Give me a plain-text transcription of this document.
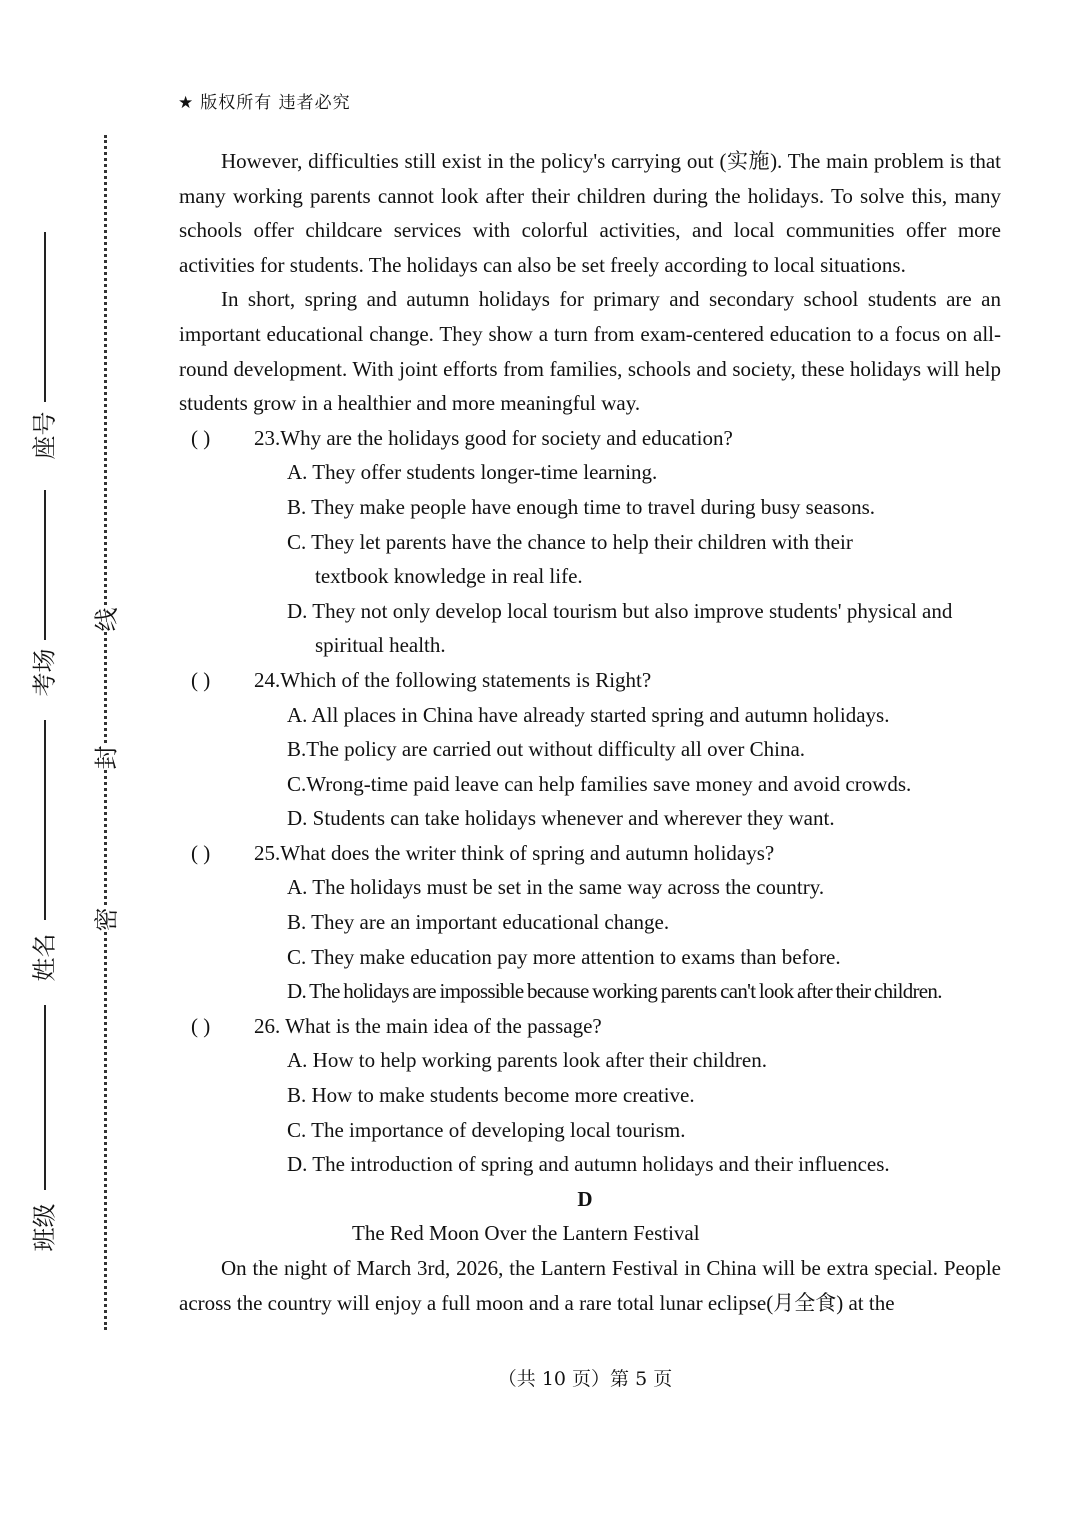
★ 版权所有 违者必究
座号
考场
姓名
班级
线
封
密

However, difficulties still exist in the policy's carrying out (实施). The main problem is that many working parents cannot look after their children during the holidays. To solve this, many schools offer childcare services with colorful activities, and local communities offer more activities for students. The holidays can also be set freely according to local situations.

In short, spring and autumn holidays for primary and secondary school students are an important educational change. They show a turn from exam-centered education to a focus on all-round development. With joint efforts from families, schools and society, these holidays will help students grow in a healthier and more meaningful way.

( ) 23.Why are the holidays good for society and education?

A. They offer students longer-time learning.

B. They make people have enough time to travel during busy seasons.

C. They let parents have the chance to help their children with their textbook knowledge in real life.

D. They not only develop local tourism but also improve students' physical and spiritual health.

( ) 24.Which of the following statements is Right?

A. All places in China have already started spring and autumn holidays.

B.The policy are carried out without difficulty all over China.

C.Wrong-time paid leave can help families save money and avoid crowds.

D. Students can take holidays whenever and wherever they want.

( ) 25.What does the writer think of spring and autumn holidays?

A. The holidays must be set in the same way across the country.

B. They are an important educational change.

C. They make education pay more attention to exams than before.

D. The holidays are impossible because working parents can't look after their children.

( ) 26. What is the main idea of the passage?

A. How to help working parents look after their children.

B. How to make students become more creative.

C. The importance of developing local tourism.

D. The introduction of spring and autumn holidays and their influences.

D

The Red Moon Over the Lantern Festival

On the night of March 3rd, 2026, the Lantern Festival in China will be extra special. People across the country will enjoy a full moon and a rare total lunar eclipse(月全食) at the

（共 10 页）第 5 页
